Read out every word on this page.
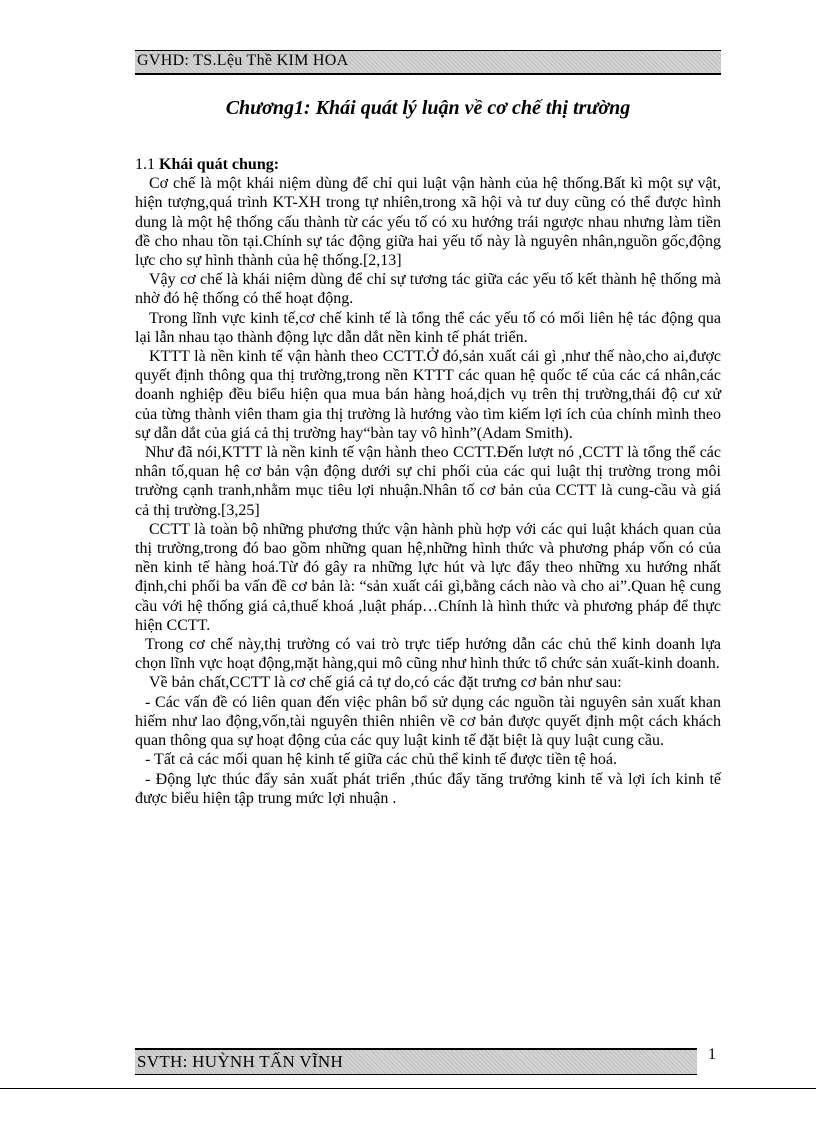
GVHD: TS.Lệu Thề KIM HOA
Chương1: Khái quát lý luận về cơ chế thị trường

1.1 Khái quát chung:

Cơ chế là một khái niệm dùng để chỉ qui luật vận hành của hệ thống.Bất kì một sự vật, hiện tượng,quá trình KT-XH trong tự nhiên,trong xã hội và tư duy cũng có thể được hình dung là một hệ thống cấu thành từ các yếu tố có xu hướng trái ngược nhau nhưng làm tiền đề cho nhau tồn tại.Chính sự tác động giữa hai yếu tố này là nguyên nhân,nguồn gốc,động lực cho sự hình thành của hệ thống.[2,13]

Vậy cơ chế là khái niệm dùng để chỉ sự tương tác giữa các yếu tố kết thành hệ thống mà nhờ đó hệ thống có thể hoạt động.

Trong lĩnh vực kinh tế,cơ chế kinh tế là tổng thể các yếu tố có mối liên hệ tác động qua lại lẫn nhau tạo thành động lực dẫn dắt nền kinh tế phát triển.

KTTT là nền kinh tế vận hành theo CCTT.Ở đó,sản xuất cái gì ,như thế nào,cho ai,được quyết định thông qua thị trường,trong nền KTTT các quan hệ quốc tế của các cá nhân,các doanh nghiệp đều biểu hiện qua mua bán hàng hoá,dịch vụ trên thị trường,thái độ cư xử của từng thành viên tham gia thị trường là hướng vào tìm kiếm lợi ích của chính mình theo sự dẫn dắt của giá cả thị trường hay“bàn tay vô hình”(Adam Smith).

Như đã nói,KTTT là nền kinh tế vận hành theo CCTT.Đến lượt nó ,CCTT là tổng thể các nhân tố,quan hệ cơ bản vận động dưới sự chi phối của các qui luật thị trường trong môi trường cạnh tranh,nhằm mục tiêu lợi nhuận.Nhân tố cơ bản của CCTT là cung-cầu và giá cả thị trường.[3,25]

CCTT là toàn bộ những phương thức vận hành phù hợp với các qui luật khách quan của thị trường,trong đó bao gồm những quan hệ,những hình thức và phương pháp vốn có của nền kinh tế hàng hoá.Từ đó gây ra những lực hút và lực đẩy theo những xu hướng nhất định,chi phối ba vấn đề cơ bản là: “sản xuất cái gì,bằng cách nào và cho ai”.Quan hệ cung cầu với hệ thống giá cả,thuế khoá ,luật pháp…Chính là hình thức và phương pháp để thực hiện CCTT.

Trong cơ chế này,thị trường có vai trò trực tiếp hướng dẫn các chủ thể kinh doanh lựa chọn lĩnh vực hoạt động,mặt hàng,qui mô cũng như hình thức tổ chức sản xuất-kinh doanh.

Về bản chất,CCTT là cơ chế giá cả tự do,có các đặt trưng cơ bản như sau:

- Các vấn đề có liên quan đến việc phân bổ sử dụng các nguồn tài nguyên sản xuất khan hiếm như lao động,vốn,tài nguyên thiên nhiên về cơ bản được quyết định một cách khách quan thông qua sự hoạt động của các quy luật kinh tế đặt biệt là quy luật cung cầu.

- Tất cả các mối quan hệ kinh tế giữa các chủ thể kinh tế được tiền tệ hoá.

- Động lực thúc đẩy sản xuất phát triển ,thúc đẩy tăng trưởng kinh tế và lợi ích kinh tế được biểu hiện tập trung mức lợi nhuận .

SVTH: HUỲNH TẤN VĨNH	1
